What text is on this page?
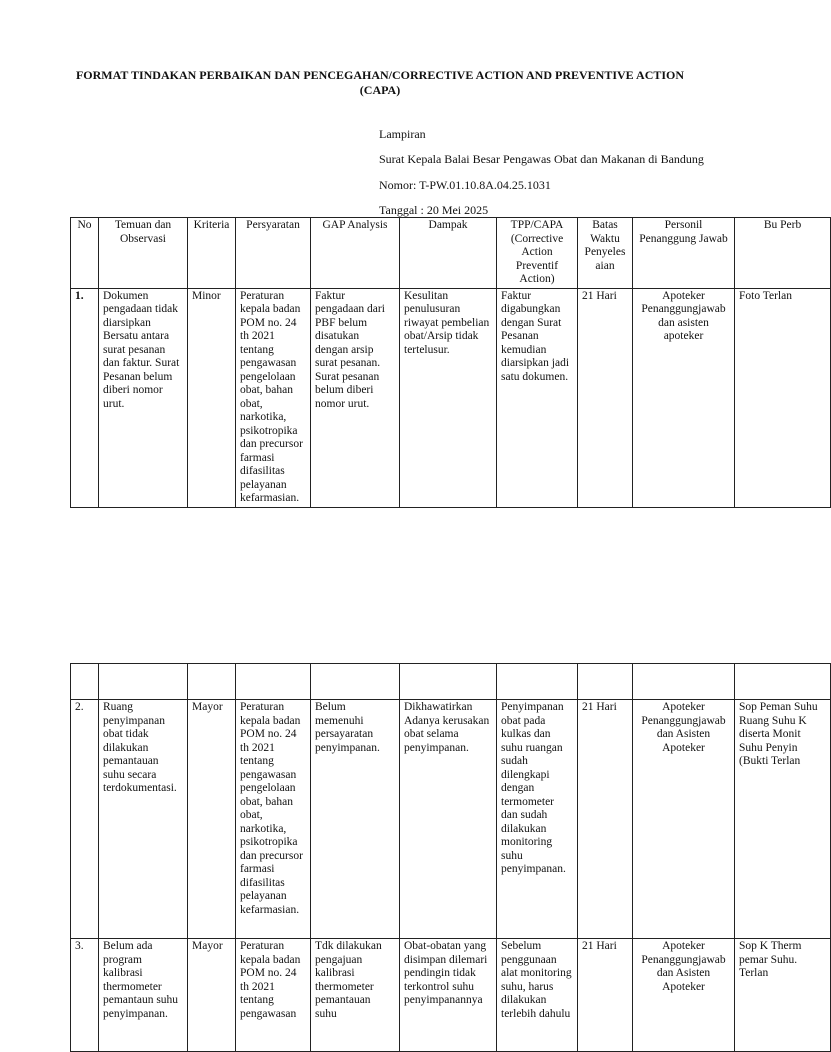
FORMAT TINDAKAN PERBAIKAN DAN PENCEGAHAN/CORRECTIVE ACTION AND PREVENTIVE ACTION (CAPA)
Lampiran
Surat Kepala Balai Besar Pengawas Obat dan Makanan di Bandung
Nomor: T-PW.01.10.8A.04.25.1031
Tanggal : 20 Mei 2025
No	Temuan dan Observasi	Kriteria	Persyaratan	GAP Analysis	Dampak	TPP/CAPA (Corrective Action Preventif Action)	Batas Waktu Penyeles aian	Personil Penanggung Jawab	Bu Perb
1.	Dokumen pengadaan tidak diarsipkan Bersatu antara surat pesanan dan faktur. Surat Pesanan belum diberi nomor urut.	Minor	Peraturan kepala badan POM no. 24 th 2021 tentang pengawasan pengelolaan obat, bahan obat, narkotika, psikotropika dan precursor farmasi difasilitas pelayanan kefarmasian.	Faktur pengadaan dari PBF belum disatukan dengan arsip surat pesanan. Surat pesanan belum diberi nomor urut.	Kesulitan penulusuran riwayat pembelian obat/Arsip tidak tertelusur.	Faktur digabungkan dengan Surat Pesanan kemudian diarsipkan jadi satu dokumen.	21 Hari	Apoteker Penanggungjawab dan asisten apoteker	Foto Terlan

2.	Ruang penyimpanan obat tidak dilakukan pemantauan suhu secara terdokumentasi.	Mayor	Peraturan kepala badan POM no. 24 th 2021 tentang pengawasan pengelolaan obat, bahan obat, narkotika, psikotropika dan precursor farmasi difasilitas pelayanan kefarmasian.	Belum memenuhi persayaratan penyimpanan.	Dikhawatirkan Adanya kerusakan obat selama penyimpanan.	Penyimpanan obat pada kulkas dan suhu ruangan sudah dilengkapi dengan termometer dan sudah dilakukan monitoring suhu penyimpanan.	21 Hari	Apoteker Penanggungjawab dan Asisten Apoteker	Sop Peman Suhu Ruang Suhu K diserta Monit Suhu Penyin (Bukti Terlan
3.	Belum ada program kalibrasi thermometer pemantaun suhu penyimpanan.	Mayor	Peraturan kepala badan POM no. 24 th 2021 tentang pengawasan	Tdk dilakukan pengajuan kalibrasi thermometer pemantauan suhu	Obat-obatan yang disimpan dilemari pendingin tidak terkontrol suhu penyimpanannya	Sebelum penggunaan alat monitoring suhu, harus dilakukan terlebih dahulu	21 Hari	Apoteker Penanggungjawab dan Asisten Apoteker	Sop K Therm pemar Suhu. Terlan
